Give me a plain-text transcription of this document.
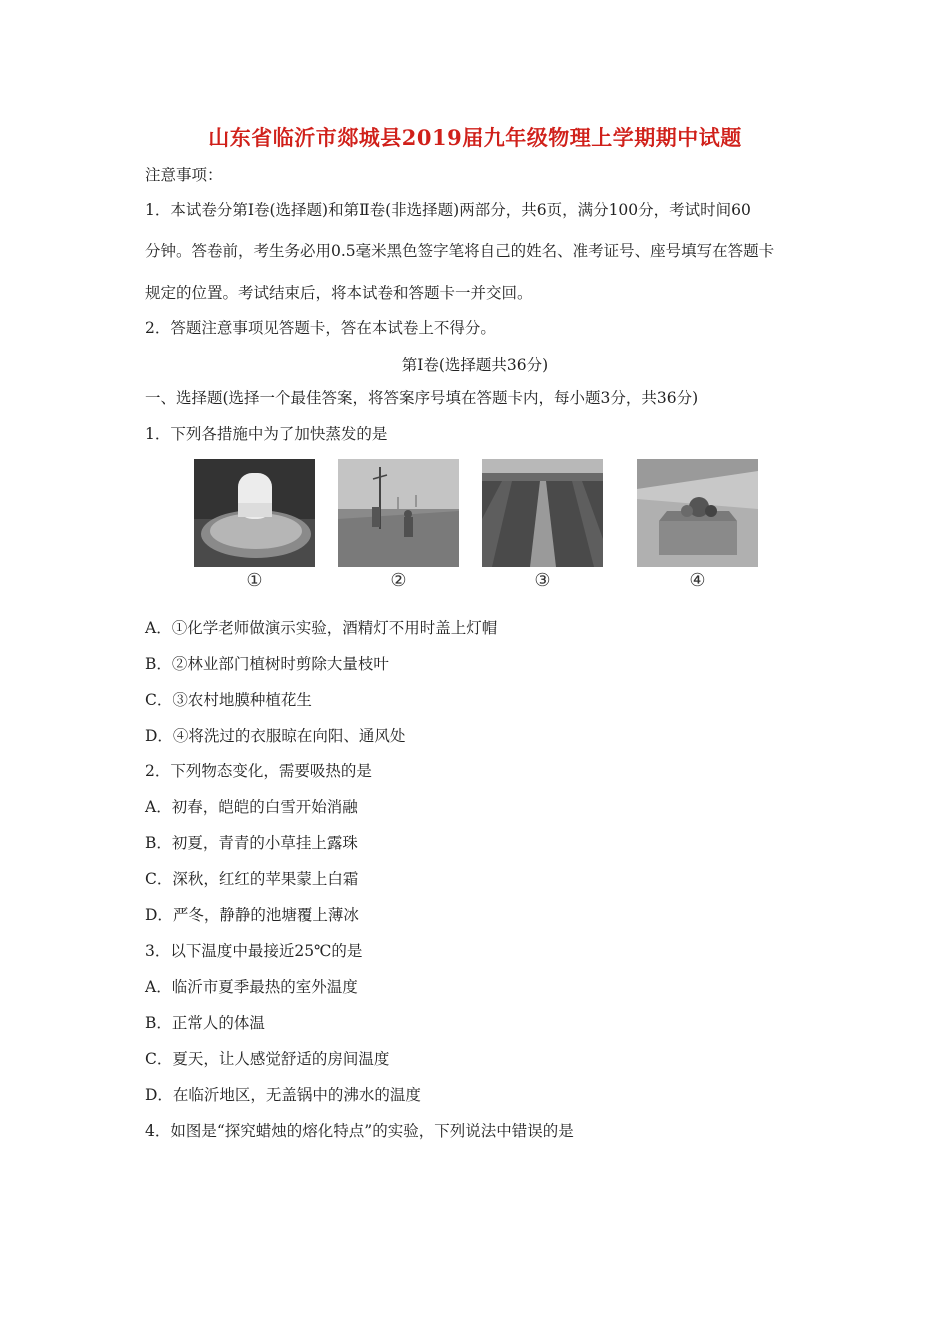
山东省临沂市郯城县2019届九年级物理上学期期中试题
注意事项：
1．本试卷分第Ⅰ卷(选择题)和第Ⅱ卷(非选择题)两部分，共6页，满分100分，考试时间60
分钟。答卷前，考生务必用0.5毫米黑色签字笔将自己的姓名、准考证号、座号填写在答题卡
规定的位置。考试结束后，将本试卷和答题卡一并交回。
2．答题注意事项见答题卡，答在本试卷上不得分。
第Ⅰ卷(选择题共36分)
一、选择题(选择一个最佳答案，将答案序号填在答题卡内，每小题3分，共36分)
1．下列各措施中为了加快蒸发的是
①	②	③	④
A．①化学老师做演示实验，酒精灯不用时盖上灯帽
B．②林业部门植树时剪除大量枝叶
C．③农村地膜种植花生
D．④将洗过的衣服晾在向阳、通风处
2．下列物态变化，需要吸热的是
A．初春，皑皑的白雪开始消融
B．初夏，青青的小草挂上露珠
C．深秋，红红的苹果蒙上白霜
D．严冬，静静的池塘覆上薄冰
3．以下温度中最接近25℃的是
A．临沂市夏季最热的室外温度
B．正常人的体温
C．夏天，让人感觉舒适的房间温度
D．在临沂地区，无盖锅中的沸水的温度
4．如图是“探究蜡烛的熔化特点”的实验，下列说法中错误的是
